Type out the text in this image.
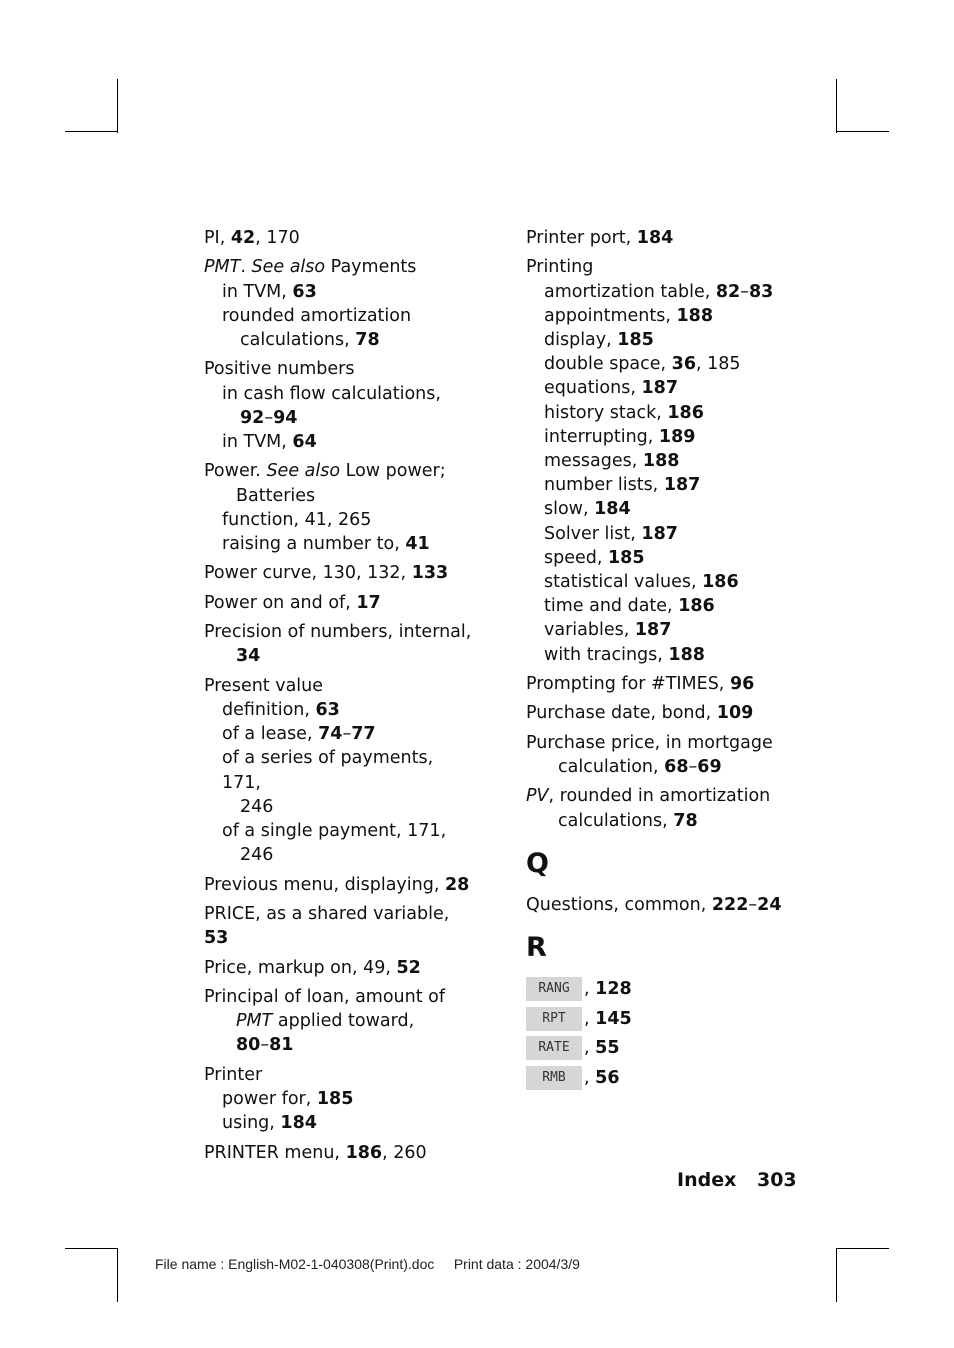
PI, 42, 170
PMT. See also Payments
in TVM, 63
rounded amortization
calculations, 78
Positive numbers
in cash flow calculations,
92–94
in TVM, 64
Power. See also Low power;
Batteries
function, 41, 265
raising a number to, 41
Power curve, 130, 132, 133
Power on and of, 17
Precision of numbers, internal,
34
Present value
definition, 63
of a lease, 74–77
of a series of payments, 171,
246
of a single payment, 171,
246
Previous menu, displaying, 28
PRICE, as a shared variable, 53
Price, markup on, 49, 52
Principal of loan, amount of
PMT applied toward,
80–81
Printer
power for, 185
using, 184
PRINTER menu, 186, 260
Printer port, 184
Printing
amortization table, 82–83
appointments, 188
display, 185
double space, 36, 185
equations, 187
history stack, 186
interrupting, 189
messages, 188
number lists, 187
slow, 184
Solver list, 187
speed, 185
statistical values, 186
time and date, 186
variables, 187
with tracings, 188
Prompting for #TIMES, 96
Purchase date, bond, 109
Purchase price, in mortgage
calculation, 68–69
PV, rounded in amortization
calculations, 78
Q
Questions, common, 222–24
R
RANG , 128
RPT , 145
RATE , 55
RMB , 56
Index 303
File name : English-M02-1-040308(Print).doc Print data : 2004/3/9
